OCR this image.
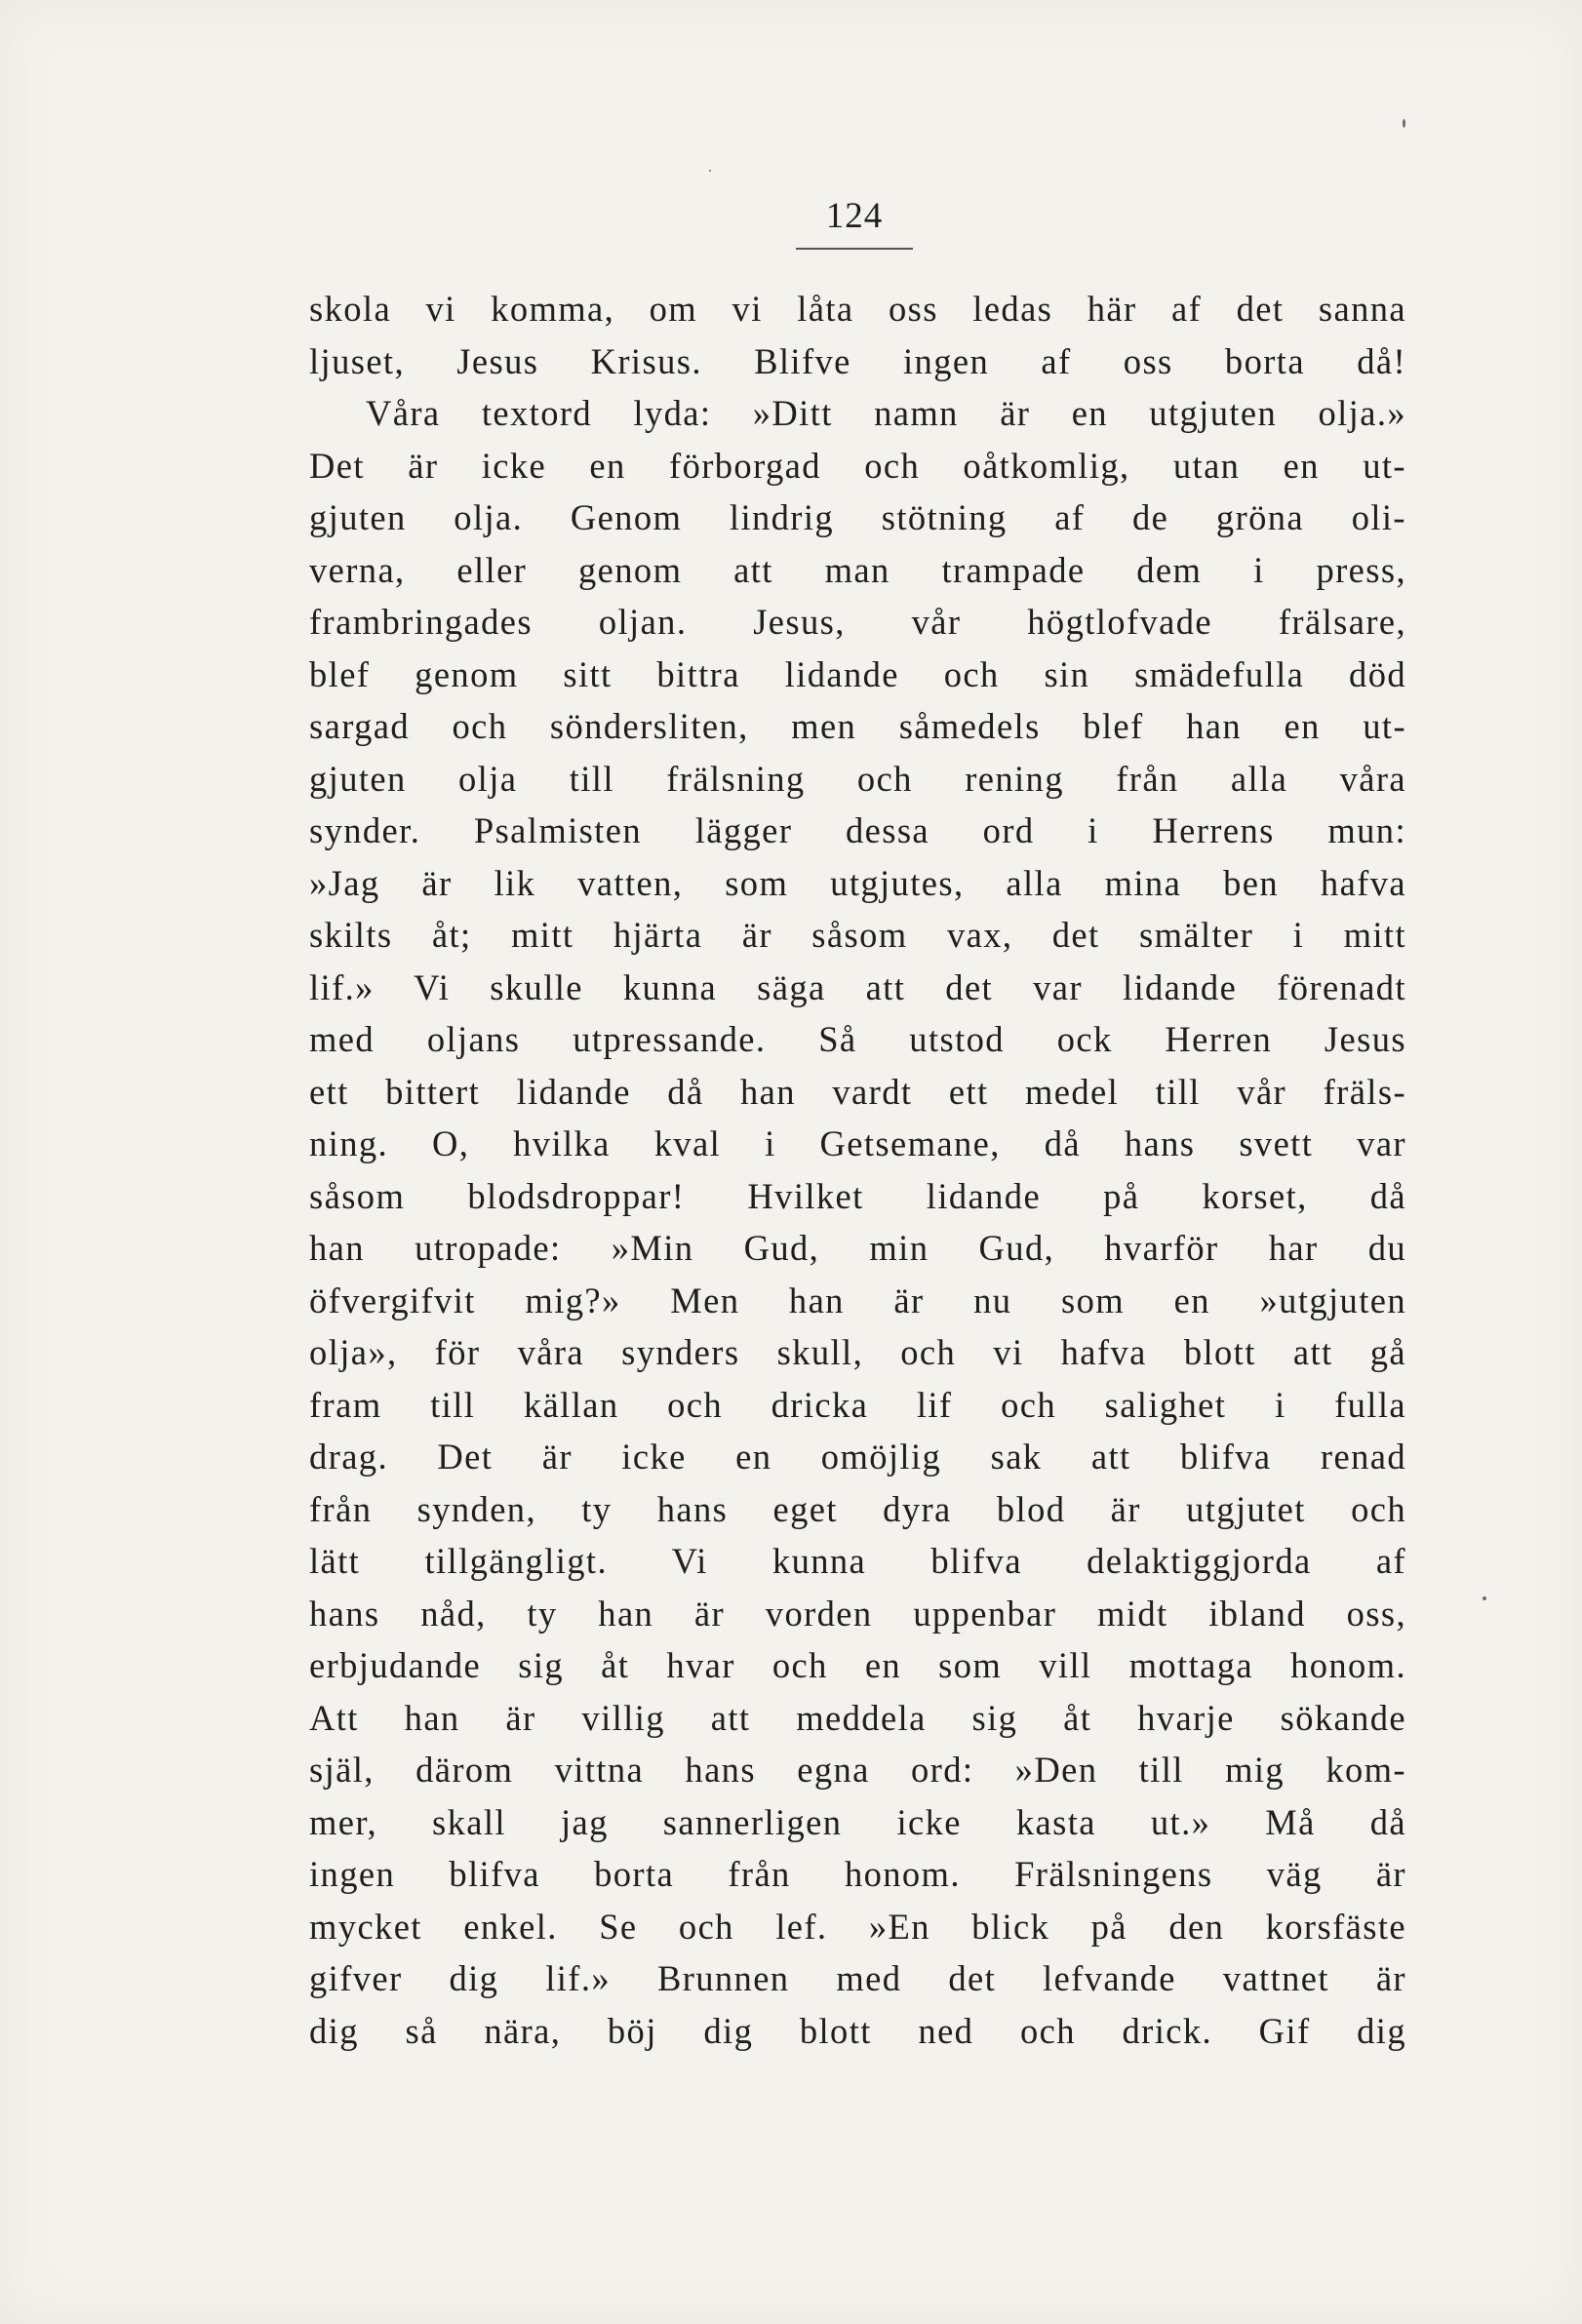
124
skola vi komma, om vi låta oss ledas här af det sanna
ljuset, Jesus Krisus. Blifve ingen af oss borta då!
Våra textord lyda: »Ditt namn är en utgjuten olja.»
Det är icke en förborgad och oåtkomlig, utan en ut-
gjuten olja. Genom lindrig stötning af de gröna oli-
verna, eller genom att man trampade dem i press,
frambringades oljan. Jesus, vår högtlofvade frälsare,
blef genom sitt bittra lidande och sin smädefulla död
sargad och söndersliten, men såmedels blef han en ut-
gjuten olja till frälsning och rening från alla våra
synder. Psalmisten lägger dessa ord i Herrens mun:
»Jag är lik vatten, som utgjutes, alla mina ben hafva
skilts åt; mitt hjärta är såsom vax, det smälter i mitt
lif.» Vi skulle kunna säga att det var lidande förenadt
med oljans utpressande. Så utstod ock Herren Jesus
ett bittert lidande då han vardt ett medel till vår fräls-
ning. O, hvilka kval i Getsemane, då hans svett var
såsom blodsdroppar! Hvilket lidande på korset, då
han utropade: »Min Gud, min Gud, hvarför har du
öfvergifvit mig?» Men han är nu som en »utgjuten
olja», för våra synders skull, och vi hafva blott att gå
fram till källan och dricka lif och salighet i fulla
drag. Det är icke en omöjlig sak att blifva renad
från synden, ty hans eget dyra blod är utgjutet och
lätt tillgängligt. Vi kunna blifva delaktiggjorda af
hans nåd, ty han är vorden uppenbar midt ibland oss,
erbjudande sig åt hvar och en som vill mottaga honom.
Att han är villig att meddela sig åt hvarje sökande
själ, därom vittna hans egna ord: »Den till mig kom-
mer, skall jag sannerligen icke kasta ut.» Må då
ingen blifva borta från honom. Frälsningens väg är
mycket enkel. Se och lef. »En blick på den korsfäste
gifver dig lif.» Brunnen med det lefvande vattnet är
dig så nära, böj dig blott ned och drick. Gif dig
